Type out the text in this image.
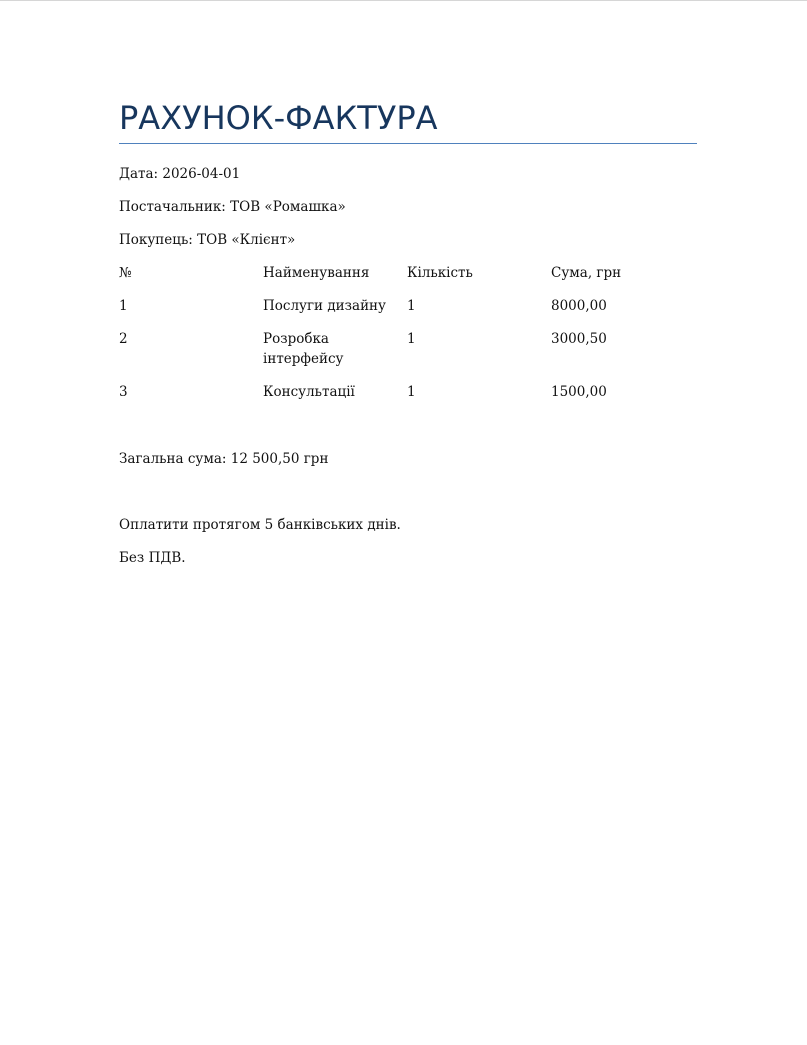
РАХУНОК-ФАКТУРА
Дата: 2026-04-01
Постачальник: ТОВ «Ромашка»
Покупець: ТОВ «Клієнт»
№	Найменування	Кількість	Сума, грн
1	Послуги дизайну	1	8000,00
2	Розробка інтерфейсу	1	3000,50
3	Консультації	1	1500,00
Загальна сума: 12 500,50 грн
Оплатити протягом 5 банківських днів.
Без ПДВ.
